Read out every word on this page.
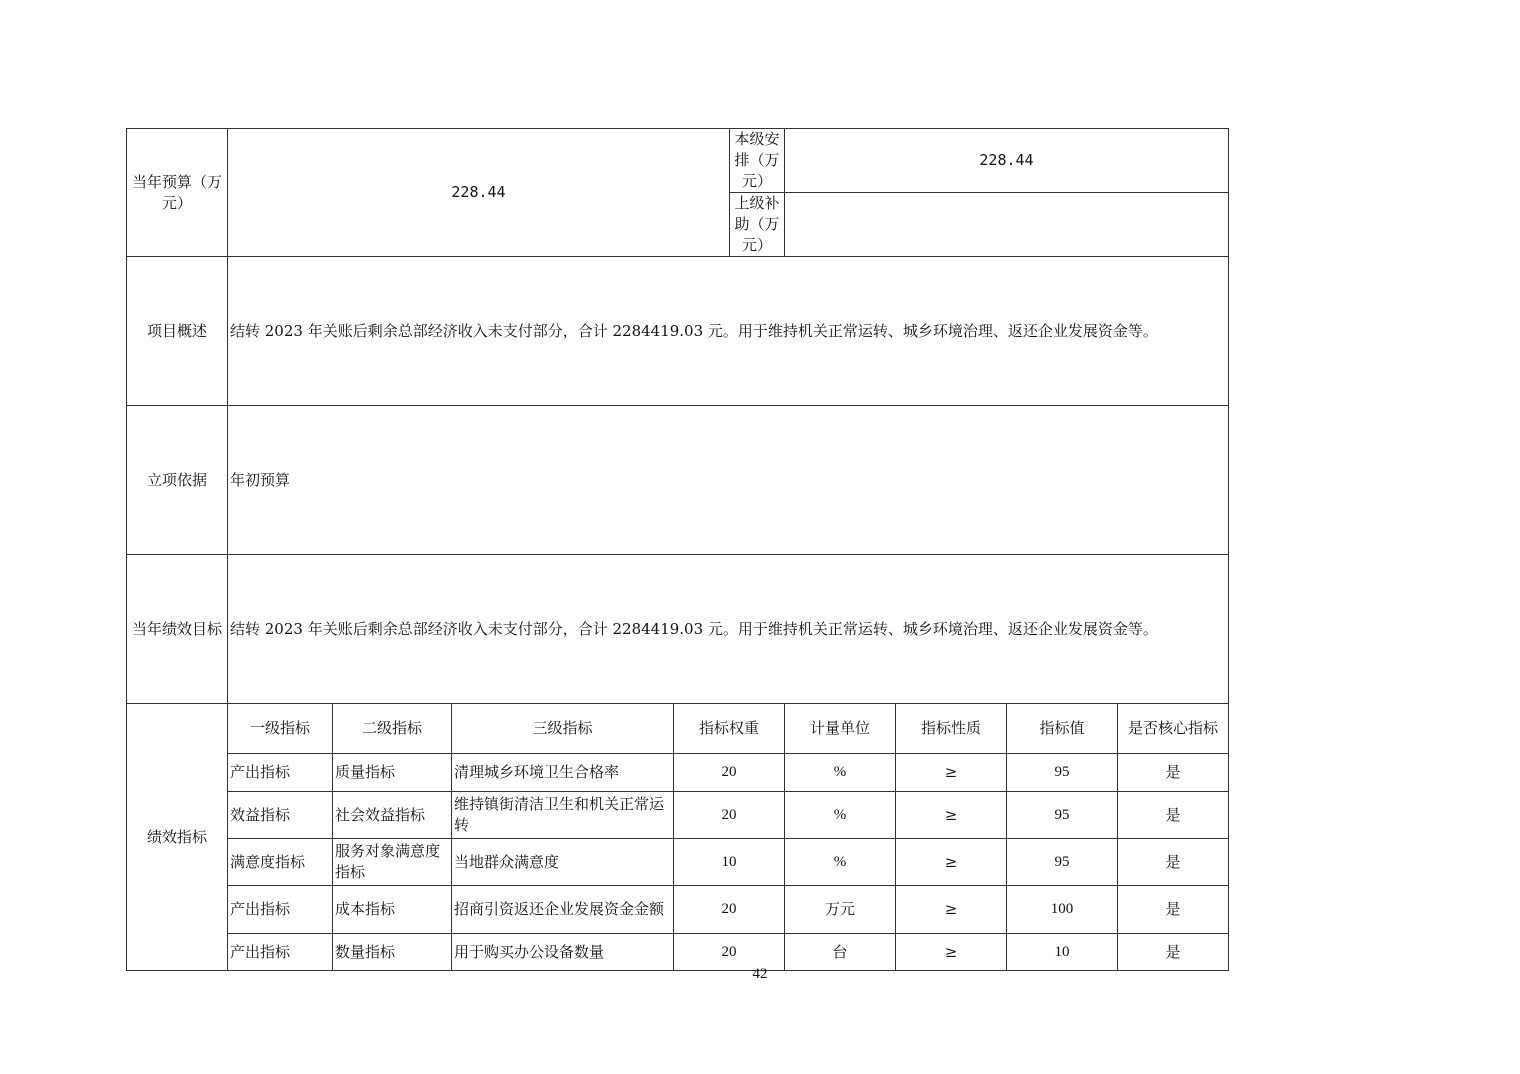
当年预算（万元）	228.44				本级安排（万元）	228.44			
					上级补助（万元）				
项目概述	结转 2023 年关账后剩余总部经济收入未支付部分，合计 2284419.03 元。用于维持机关正常运转、城乡环境治理、返还企业发展资金等。								
立项依据	年初预算								
当年绩效目标	结转 2023 年关账后剩余总部经济收入未支付部分，合计 2284419.03 元。用于维持机关正常运转、城乡环境治理、返还企业发展资金等。								
绩效指标	一级指标	二级指标	三级指标	指标权重		计量单位	指标性质	指标值	是否核心指标
	产出指标	质量指标	清理城乡环境卫生合格率	20		%	≥	95	是
	效益指标	社会效益指标	维持镇街清洁卫生和机关正常运转	20		%	≥	95	是
	满意度指标	服务对象满意度指标	当地群众满意度	10		%	≥	95	是
	产出指标	成本指标	招商引资返还企业发展资金金额	20		万元	≥	100	是
	产出指标	数量指标	用于购买办公设备数量	20		台	≥	10	是
42
